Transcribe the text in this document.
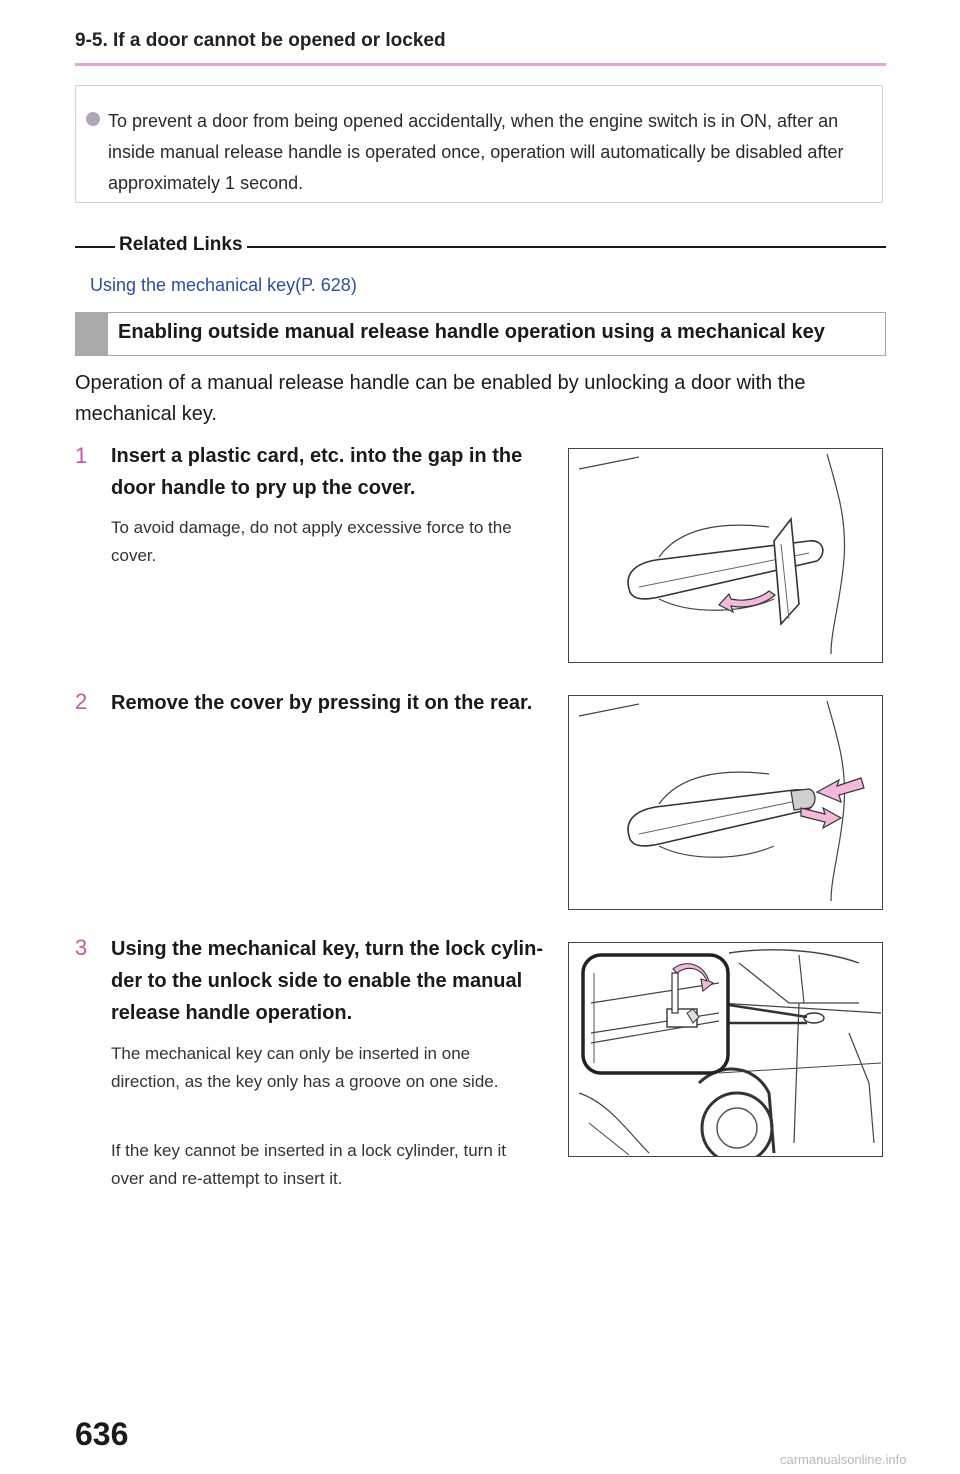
9-5. If a door cannot be opened or locked
To prevent a door from being opened accidentally, when the engine switch is in ON, after an inside manual release handle is operated once, operation will automatically be disabled after approximately 1 second.
Related Links
Using the mechanical key(P. 628)
Enabling outside manual release handle operation using a mechanical key
Operation of a manual release handle can be enabled by unlocking a door with the mechanical key.
1 Insert a plastic card, etc. into the gap in the
door handle to pry up the cover.
To avoid damage, do not apply excessive force to the cover.
2 Remove the cover by pressing it on the rear.
3 Using the mechanical key, turn the lock cylin-
der to the unlock side to enable the manual
release handle operation.
The mechanical key can only be inserted in one direction, as the key only has a groove on one side.
If the key cannot be inserted in a lock cylinder, turn it over and re-attempt to insert it.
636
carmanualsonline.info
